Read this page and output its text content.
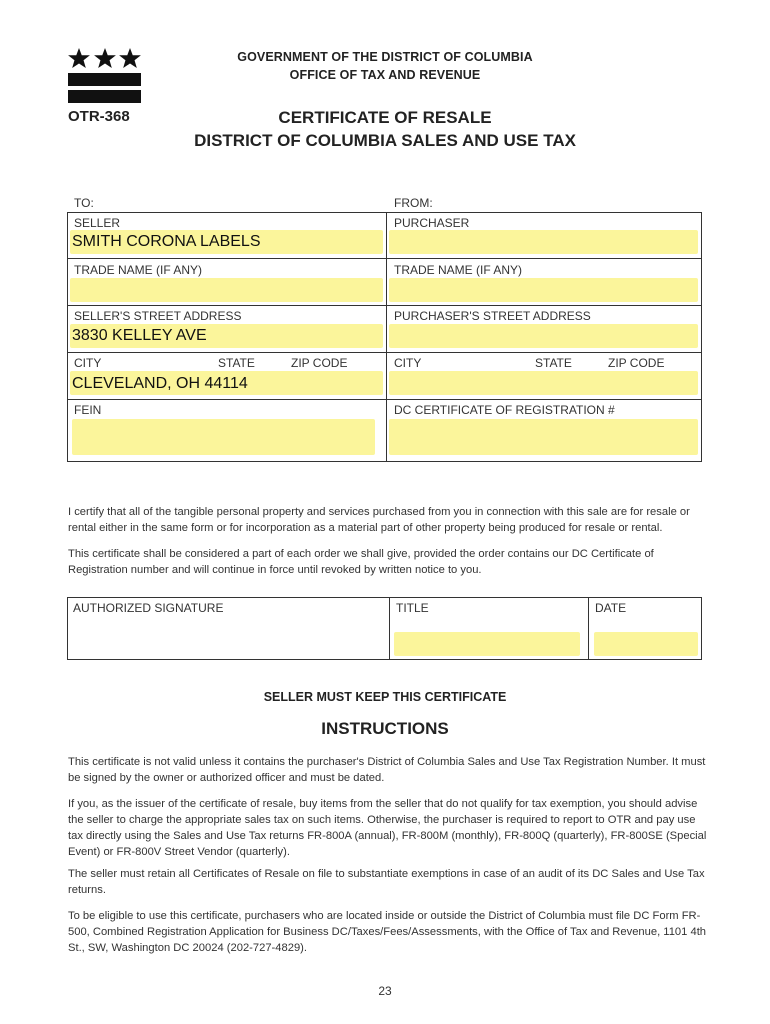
OTR-368
GOVERNMENT OF THE DISTRICT OF COLUMBIA
OFFICE OF TAX AND REVENUE
CERTIFICATE OF RESALE
DISTRICT OF COLUMBIA SALES AND USE TAX
TO:	FROM:
SELLER	PURCHASER
SMITH CORONA LABELS
TRADE NAME (IF ANY)	TRADE NAME (IF ANY)
SELLER'S STREET ADDRESS	PURCHASER'S STREET ADDRESS
3830 KELLEY AVE
CITY	STATE	ZIP CODE	CITY	STATE	ZIP CODE
CLEVELAND, OH 44114
FEIN	DC CERTIFICATE OF REGISTRATION #
I certify that all of the tangible personal property and services purchased from you in connection with this sale are for resale or rental either in the same form or for incorporation as a material part of other property being produced for resale or rental.
This certificate shall be considered a part of each order we shall give, provided the order contains our DC Certificate of Registration number and will continue in force until revoked by written notice to you.
AUTHORIZED SIGNATURE	TITLE	DATE
SELLER MUST KEEP THIS CERTIFICATE
INSTRUCTIONS
This certificate is not valid unless it contains the purchaser's District of Columbia Sales and Use Tax Registration Number. It must be signed by the owner or authorized officer and must be dated.
If you, as the issuer of the certificate of resale, buy items from the seller that do not qualify for tax exemption, you should advise the seller to charge the appropriate sales tax on such items. Otherwise, the purchaser is required to report to OTR and pay use tax directly using the Sales and Use Tax returns FR-800A (annual), FR-800M (monthly), FR-800Q (quarterly), FR-800SE (Special Event) or FR-800V Street Vendor (quarterly).
The seller must retain all Certificates of Resale on file to substantiate exemptions in case of an audit of its DC Sales and Use Tax returns.
To be eligible to use this certificate, purchasers who are located inside or outside the District of Columbia must file DC Form FR-500, Combined Registration Application for Business DC/Taxes/Fees/Assessments, with the Office of Tax and Revenue, 1101 4th St., SW, Washington DC 20024 (202-727-4829).
23
